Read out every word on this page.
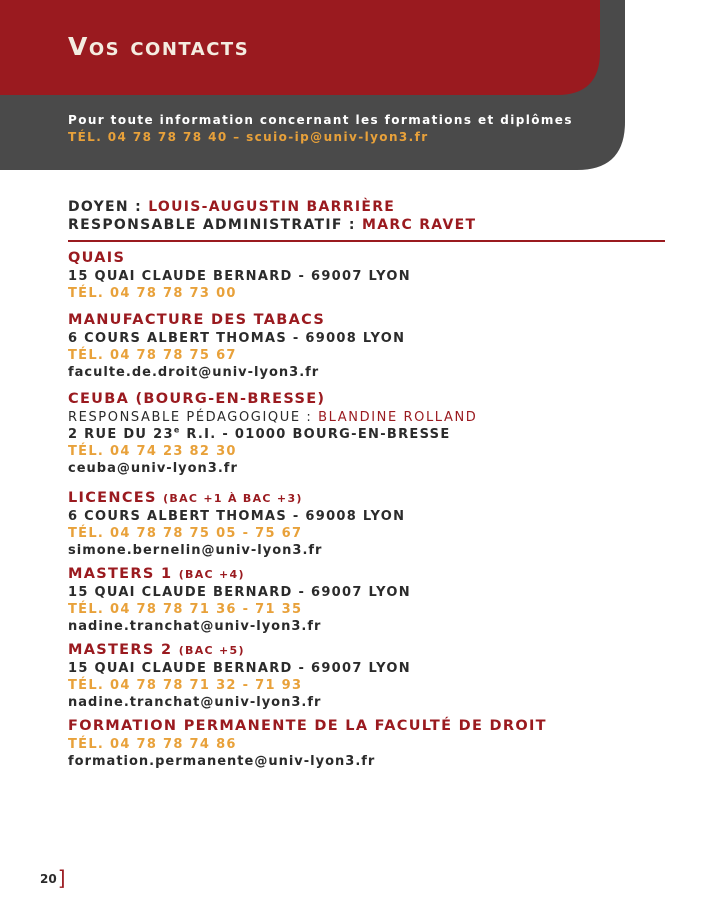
Vos contacts
Pour toute information concernant les formations et diplômes
TÉL. 04 78 78 78 40 – scuio-ip@univ-lyon3.fr
DOYEN : LOUIS-AUGUSTIN BARRIÈRE
RESPONSABLE ADMINISTRATIF : MARC RAVET
QUAIS
15 QUAI CLAUDE BERNARD - 69007 LYON
TÉL. 04 78 78 73 00
MANUFACTURE DES TABACS
6 COURS ALBERT THOMAS - 69008 LYON
TÉL. 04 78 78 75 67
faculte.de.droit@univ-lyon3.fr
CEUBA (BOURG-EN-BRESSE)
RESPONSABLE PÉDAGOGIQUE : BLANDINE ROLLAND
2 RUE DU 23e R.I. - 01000 BOURG-EN-BRESSE
TÉL. 04 74 23 82 30
ceuba@univ-lyon3.fr
LICENCES (BAC +1 À BAC +3)
6 COURS ALBERT THOMAS - 69008 LYON
TÉL. 04 78 78 75 05 - 75 67
simone.bernelin@univ-lyon3.fr
MASTERS 1 (BAC +4)
15 QUAI CLAUDE BERNARD - 69007 LYON
TÉL. 04 78 78 71 36 - 71 35
nadine.tranchat@univ-lyon3.fr
MASTERS 2 (BAC +5)
15 QUAI CLAUDE BERNARD - 69007 LYON
TÉL. 04 78 78 71 32 - 71 93
nadine.tranchat@univ-lyon3.fr
FORMATION PERMANENTE DE LA FACULTÉ DE DROIT
TÉL. 04 78 78 74 86
formation.permanente@univ-lyon3.fr
20]
